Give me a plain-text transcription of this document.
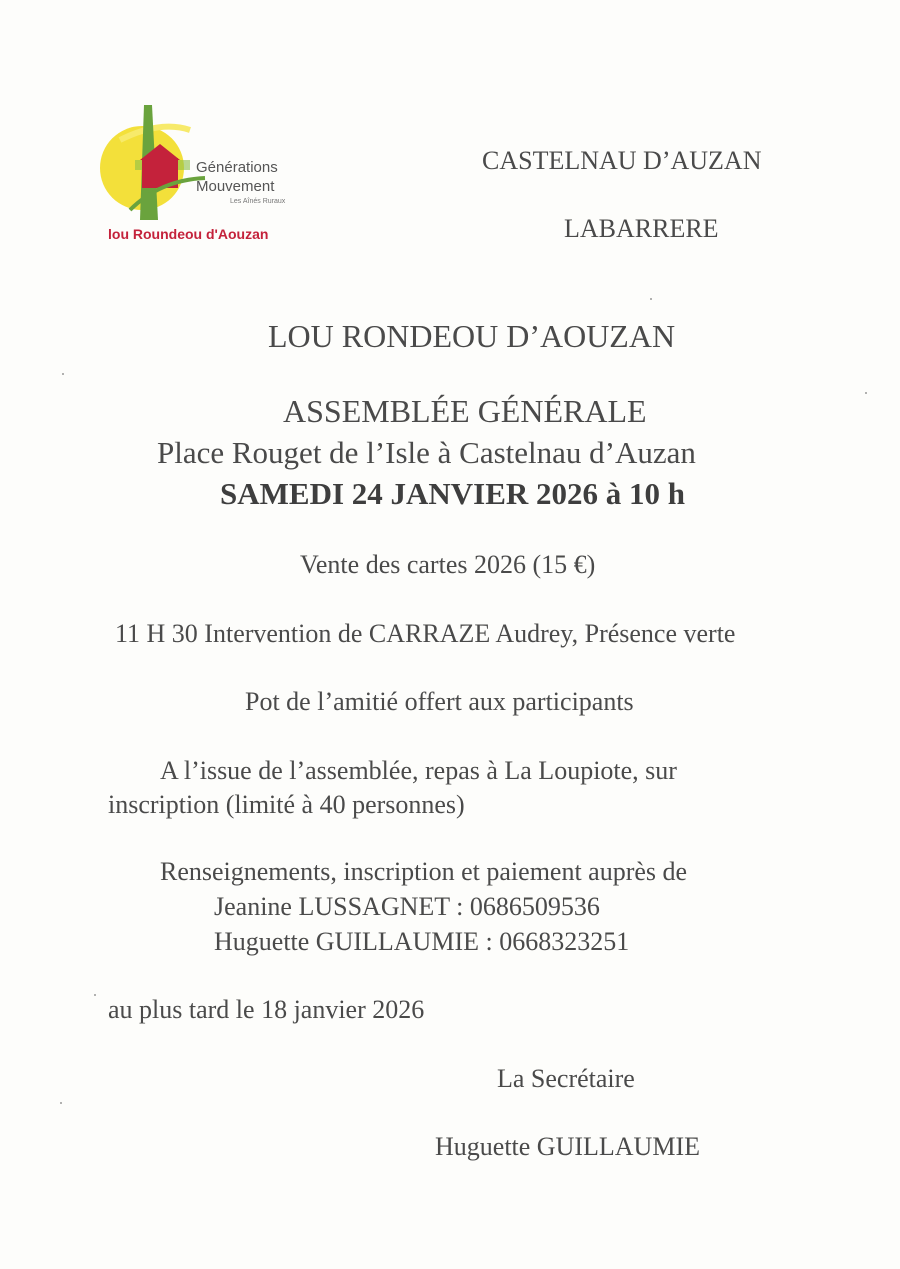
Générations
Mouvement
Les Aînés Ruraux
lou Roundeou d'Aouzan
CASTELNAU D’AUZAN
LABARRERE
LOU RONDEOU D’AOUZAN
ASSEMBLÉE GÉNÉRALE
Place Rouget de l’Isle à Castelnau d’Auzan
SAMEDI 24 JANVIER 2026 à 10 h
Vente des cartes 2026 (15 €)
11 H 30 Intervention de CARRAZE Audrey, Présence verte
Pot de l’amitié offert aux participants
A l’issue de l’assemblée, repas à La Loupiote, sur
inscription (limité à 40 personnes)
Renseignements, inscription et paiement auprès de
Jeanine LUSSAGNET : 0686509536
Huguette GUILLAUMIE : 0668323251
au plus tard le 18 janvier 2026
La Secrétaire
Huguette GUILLAUMIE
